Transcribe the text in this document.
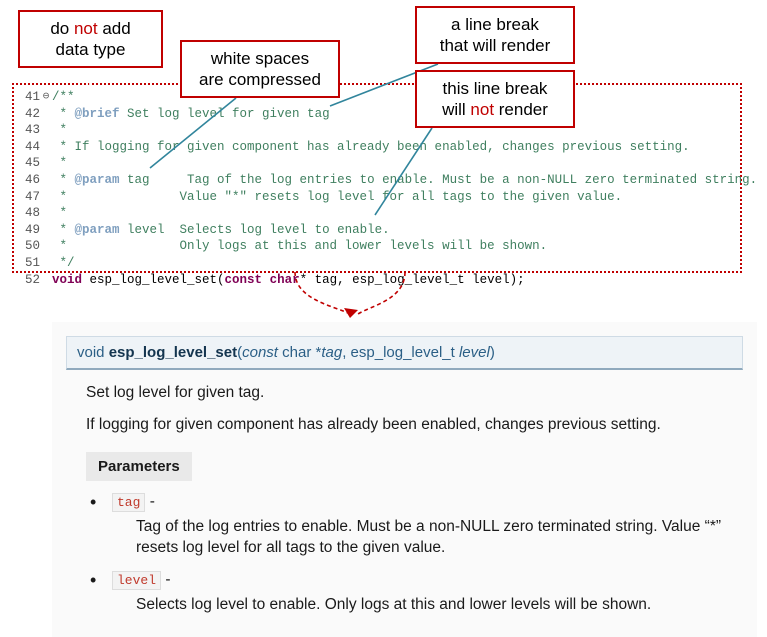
do not add
data type	white spaces
are compressed
a line break
that will render
this line break
will not render
41 ⊖ /**
42 * @brief Set log level for given tag
43 *
44 * If logging for given component has already been enabled, changes previous setting.
45 *
46 * @param tag     Tag of the log entries to enable. Must be a non-NULL zero terminated string.
47 *               Value "*" resets log level for all tags to the given value.
48 *
49 * @param level  Selects log level to enable.
50 *               Only logs at this and lower levels will be shown.
51 */
52 void esp_log_level_set(const char* tag, esp_log_level_t level);
void esp_log_level_set(const char *tag, esp_log_level_t level)
Set log level for given tag.
If logging for given component has already been enabled, changes previous setting.
Parameters
• tag -
Tag of the log entries to enable. Must be a non-NULL zero terminated string. Value “*” resets log level for all tags to the given value.
• level -
Selects log level to enable. Only logs at this and lower levels will be shown.
